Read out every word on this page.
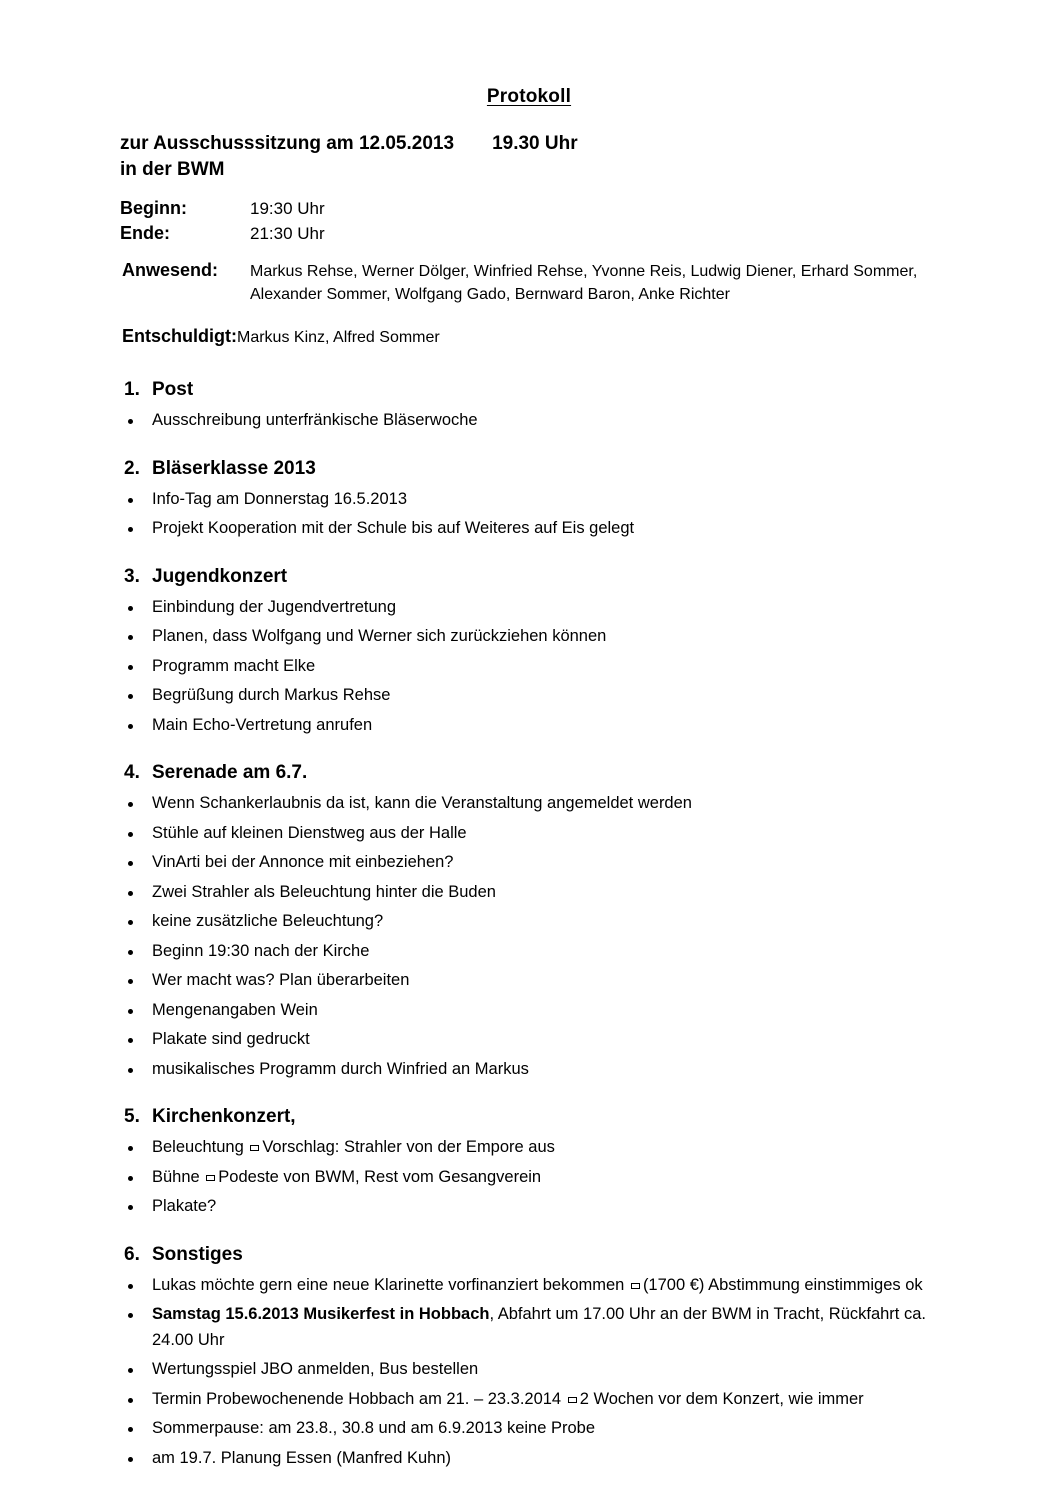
Protokoll
zur Ausschusssitzung am 12.05.2013 19.30 Uhr
in der BWM
Beginn:	19:30 Uhr
Ende:	21:30 Uhr
Anwesend:	Markus Rehse, Werner Dölger, Winfried Rehse, Yvonne Reis, Ludwig Diener, Erhard Sommer, Alexander Sommer, Wolfgang Gado, Bernward Baron, Anke Richter
Entschuldigt:Markus Kinz, Alfred Sommer
1. Post
Ausschreibung unterfränkische Bläserwoche
2. Bläserklasse 2013
Info-Tag am Donnerstag 16.5.2013
Projekt Kooperation mit der Schule bis auf Weiteres auf Eis gelegt
3. Jugendkonzert
Einbindung der Jugendvertretung
Planen, dass Wolfgang und Werner sich zurückziehen können
Programm macht Elke
Begrüßung durch Markus Rehse
Main Echo-Vertretung anrufen
4. Serenade am 6.7.
Wenn Schankerlaubnis da ist, kann die Veranstaltung angemeldet werden
Stühle auf kleinen Dienstweg aus der Halle
VinArti bei der Annonce mit einbeziehen?
Zwei Strahler als Beleuchtung hinter die Buden
keine zusätzliche Beleuchtung?
Beginn 19:30 nach der Kirche
Wer macht was? Plan überarbeiten
Mengenangaben Wein
Plakate sind gedruckt
musikalisches Programm durch Winfried an Markus
5. Kirchenkonzert,
Beleuchtung Vorschlag: Strahler von der Empore aus
Bühne Podeste von BWM, Rest vom Gesangverein
Plakate?
6. Sonstiges
Lukas möchte gern eine neue Klarinette vorfinanziert bekommen (1700 €) Abstimmung einstimmiges ok
Samstag 15.6.2013 Musikerfest in Hobbach, Abfahrt um 17.00 Uhr an der BWM in Tracht, Rückfahrt ca. 24.00 Uhr
Wertungsspiel JBO anmelden, Bus bestellen
Termin Probewochenende Hobbach am 21. – 23.3.2014 2 Wochen vor dem Konzert, wie immer
Sommerpause: am 23.8., 30.8 und am 6.9.2013 keine Probe
am 19.7. Planung Essen (Manfred Kuhn)
